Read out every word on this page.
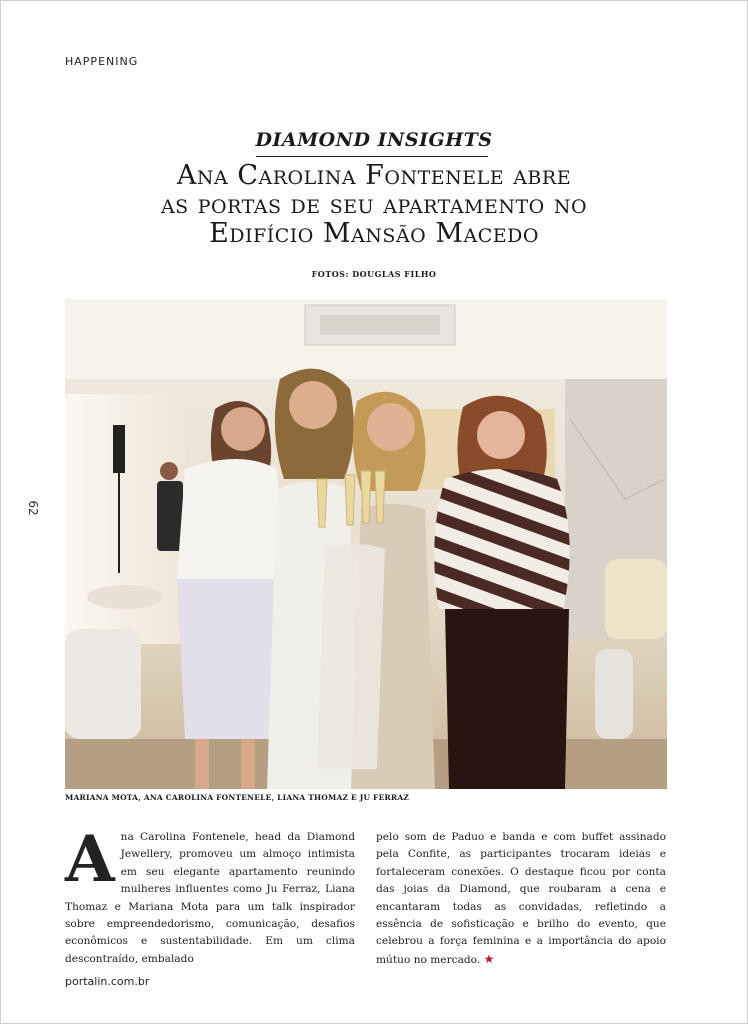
HAPPENING
62
DIAMOND INSIGHTS
Ana Carolina Fontenele abre
as portas de seu apartamento no
Edifício Mansão Macedo
FOTOS: DOUGLAS FILHO
MARIANA MOTA, ANA CAROLINA FONTENELE, LIANA THOMAZ E JU FERRAZ

A na Carolina Fontenele, head da Diamond Jewellery, promoveu um almoço intimista em seu elegante apartamento reunindo mulheres influentes como Ju Ferraz, Liana Thomaz e Mariana Mota para um talk inspirador sobre empreendedorismo, comunicação, desafios econômicos e sustentabilidade. Em um clima descontraído, embalado

pelo som de Paduo e banda e com buffet assinado pela Confite, as participantes trocaram ideias e fortaleceram conexões. O destaque ficou por conta das joias da Diamond, que roubaram a cena e encantaram todas as convidadas, refletindo a essência de sofisticação e brilho do evento, que celebrou a força feminina e a importância do apoio mútuo no mercado. ★

portalin.com.br
